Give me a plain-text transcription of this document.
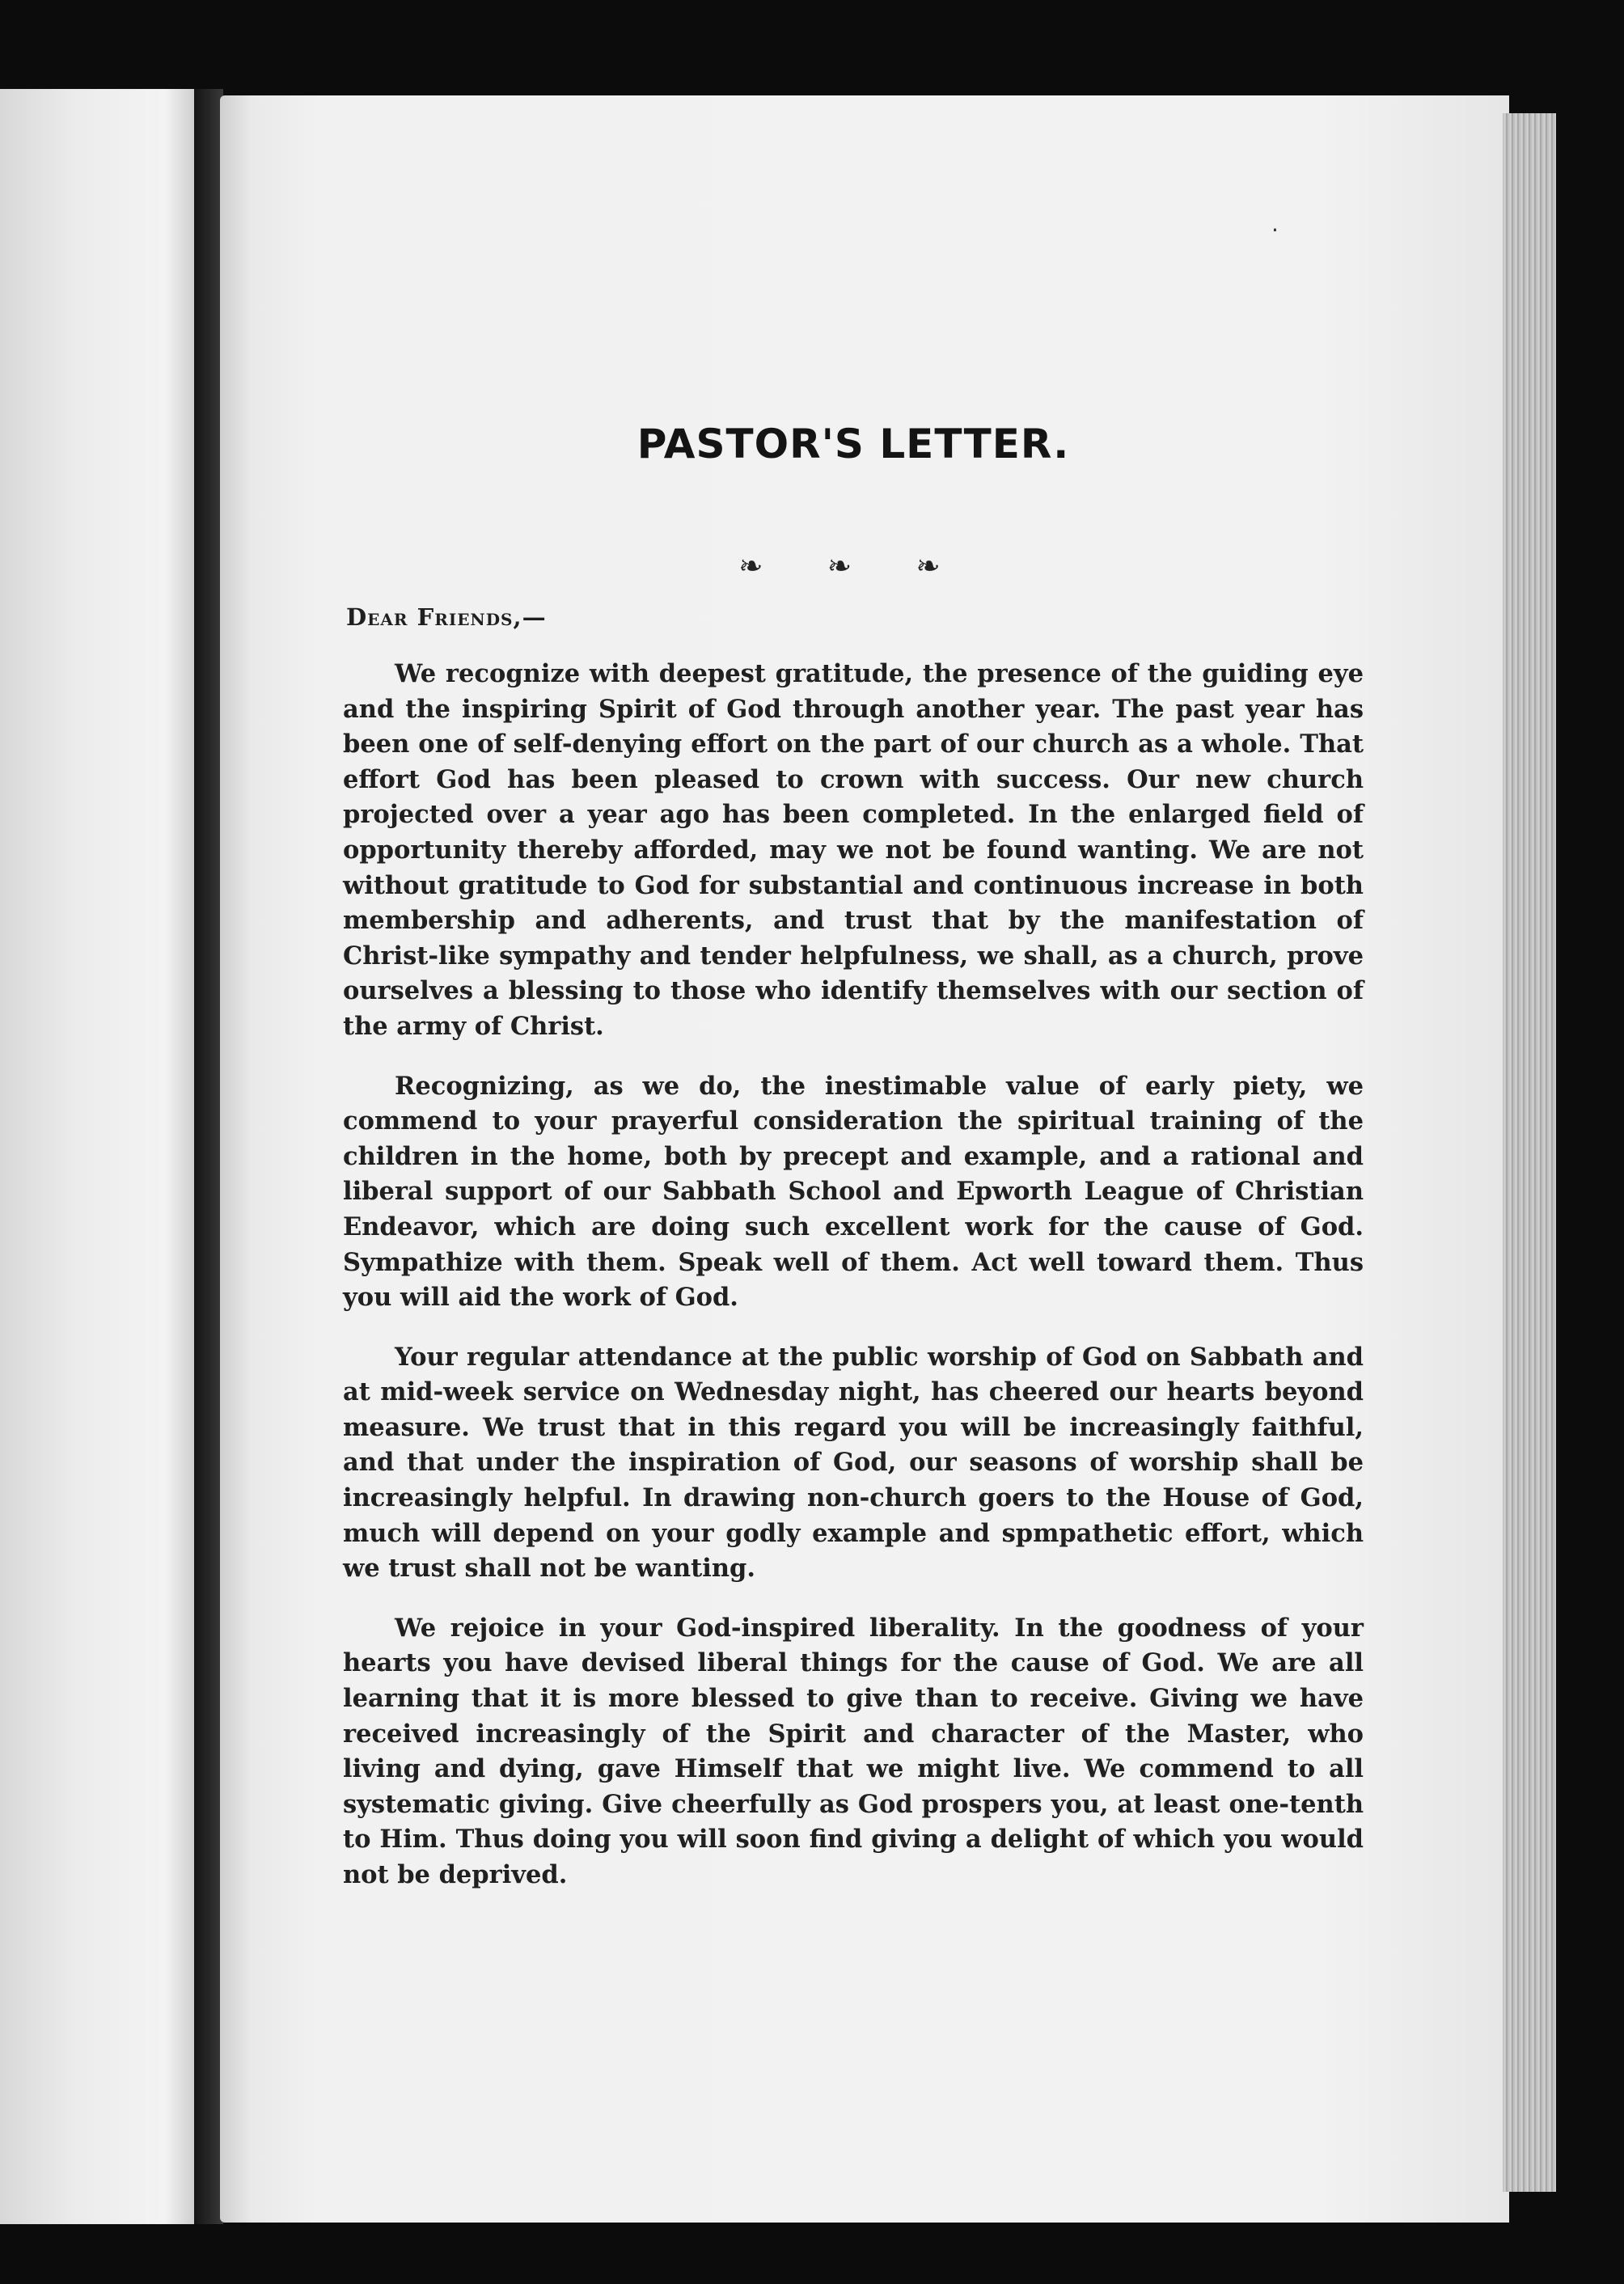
·
PASTOR'S LETTER.
❧ ❧ ❧
Dear Friends,—

We recognize with deepest gratitude, the presence of the guiding eye and the inspiring Spirit of God through another year. The past year has been one of self-denying effort on the part of our church as a whole. That effort God has been pleased to crown with success. Our new church projected over a year ago has been completed. In the enlarged field of opportunity thereby afforded, may we not be found wanting. We are not without gratitude to God for substantial and continuous increase in both membership and adherents, and trust that by the manifestation of Christ-like sympathy and tender helpfulness, we shall, as a church, prove ourselves a blessing to those who identify themselves with our section of the army of Christ.

Recognizing, as we do, the inestimable value of early piety, we commend to your prayerful consideration the spiritual training of the children in the home, both by precept and example, and a rational and liberal support of our Sabbath School and Epworth League of Christian Endeavor, which are doing such excellent work for the cause of God. Sympathize with them. Speak well of them. Act well toward them. Thus you will aid the work of God.

Your regular attendance at the public worship of God on Sabbath and at mid-week service on Wednesday night, has cheered our hearts beyond measure. We trust that in this regard you will be increasingly faithful, and that under the inspiration of God, our seasons of worship shall be increasingly helpful. In drawing non-church goers to the House of God, much will depend on your godly example and spmpathetic effort, which we trust shall not be wanting.

We rejoice in your God-inspired liberality. In the goodness of your hearts you have devised liberal things for the cause of God. We are all learning that it is more blessed to give than to receive. Giving we have received increasingly of the Spirit and character of the Master, who living and dying, gave Himself that we might live. We commend to all systematic giving. Give cheerfully as God prospers you, at least one-tenth to Him. Thus doing you will soon find giving a delight of which you would not be deprived.
